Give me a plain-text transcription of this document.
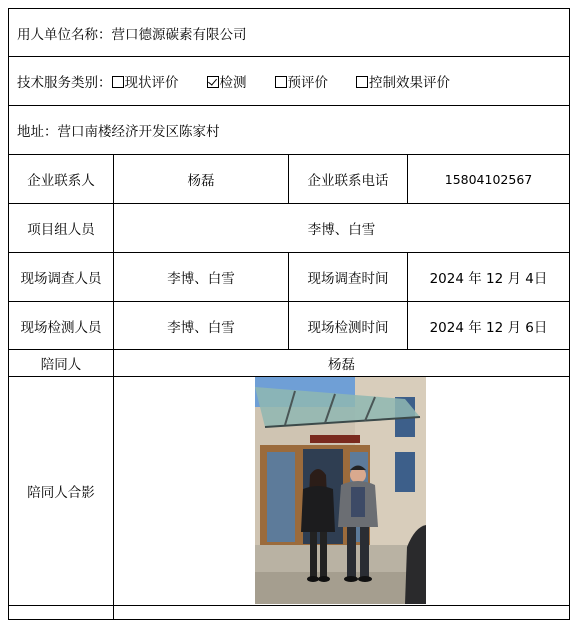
用人单位名称：营口德源碳素有限公司			
技术服务类别： 现状评价 检测 预评价 控制效果评价			
地址：营口南楼经济开发区陈家村			
企业联系人	杨磊	企业联系电话	15804102567
项目组人员	李博、白雪		
现场调查人员	李博、白雪	现场调查时间	2024 年 12 月 4日
现场检测人员	李博、白雪	现场检测时间	2024 年 12 月 6日
陪同人	杨磊		
陪同人合影	
